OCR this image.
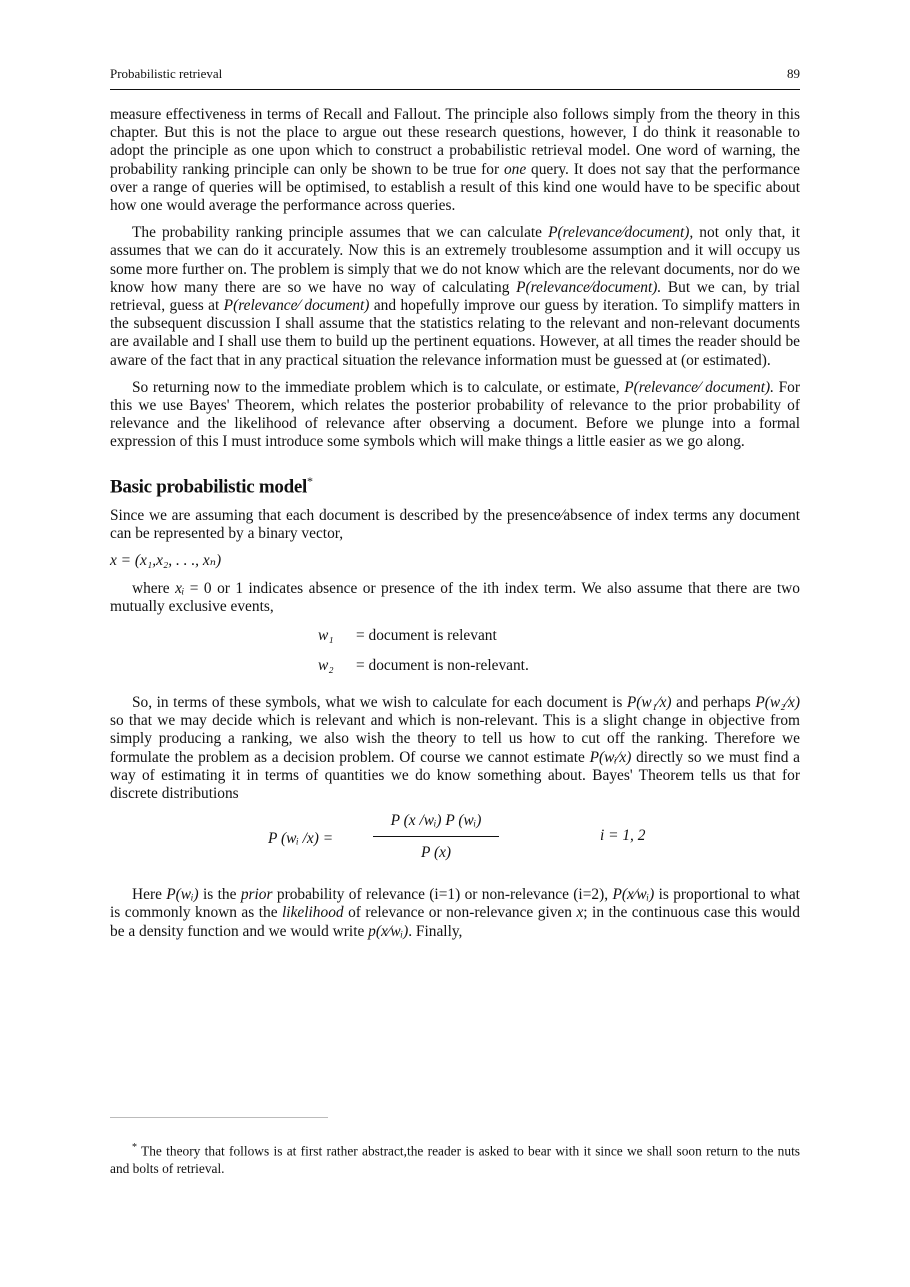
Probabilistic retrieval	89

measure effectiveness in terms of Recall and Fallout. The principle also follows simply from the theory in this chapter. But this is not the place to argue out these research questions, however, I do think it reasonable to adopt the principle as one upon which to construct a probabilistic retrieval model. One word of warning, the probability ranking principle can only be shown to be true for one query. It does not say that the performance over a range of queries will be optimised, to establish a result of this kind one would have to be specific about how one would average the performance across queries.

The probability ranking principle assumes that we can calculate P(relevance⁄document), not only that, it assumes that we can do it accurately. Now this is an extremely troublesome assumption and it will occupy us some more further on. The problem is simply that we do not know which are the relevant documents, nor do we know how many there are so we have no way of calculating P(relevance⁄document). But we can, by trial retrieval, guess at P(relevance⁄ document) and hopefully improve our guess by iteration. To simplify matters in the subsequent discussion I shall assume that the statistics relating to the relevant and non-relevant documents are available and I shall use them to build up the pertinent equations. However, at all times the reader should be aware of the fact that in any practical situation the relevance information must be guessed at (or estimated).

So returning now to the immediate problem which is to calculate, or estimate, P(relevance⁄ document). For this we use Bayes' Theorem, which relates the posterior probability of relevance to the prior probability of relevance and the likelihood of relevance after observing a document. Before we plunge into a formal expression of this I must introduce some symbols which will make things a little easier as we go along.

Basic probabilistic model*

Since we are assuming that each document is described by the presence⁄absence of index terms any document can be represented by a binary vector,

x = (x₁,x₂, . . ., xₙ)

where xᵢ = 0 or 1 indicates absence or presence of the ith index term. We also assume that there are two mutually exclusive events,

w₁ = document is relevant
w₂ = document is non-relevant.

So, in terms of these symbols, what we wish to calculate for each document is P(w₁⁄x) and perhaps P(w₂⁄x) so that we may decide which is relevant and which is non-relevant. This is a slight change in objective from simply producing a ranking, we also wish the theory to tell us how to cut off the ranking. Therefore we formulate the problem as a decision problem. Of course we cannot estimate P(wᵢ⁄x) directly so we must find a way of estimating it in terms of quantities we do know something about. Bayes' Theorem tells us that for discrete distributions

P (wᵢ /x) =
P (x /wᵢ) P (wᵢ)
P (x)
i = 1, 2

Here P(wᵢ) is the prior probability of relevance (i=1) or non-relevance (i=2), P(x⁄wᵢ) is proportional to what is commonly known as the likelihood of relevance or non-relevance given x; in the continuous case this would be a density function and we would write p(x⁄wᵢ). Finally,

* The theory that follows is at first rather abstract,the reader is asked to bear with it since we shall soon return to the nuts and bolts of retrieval.
